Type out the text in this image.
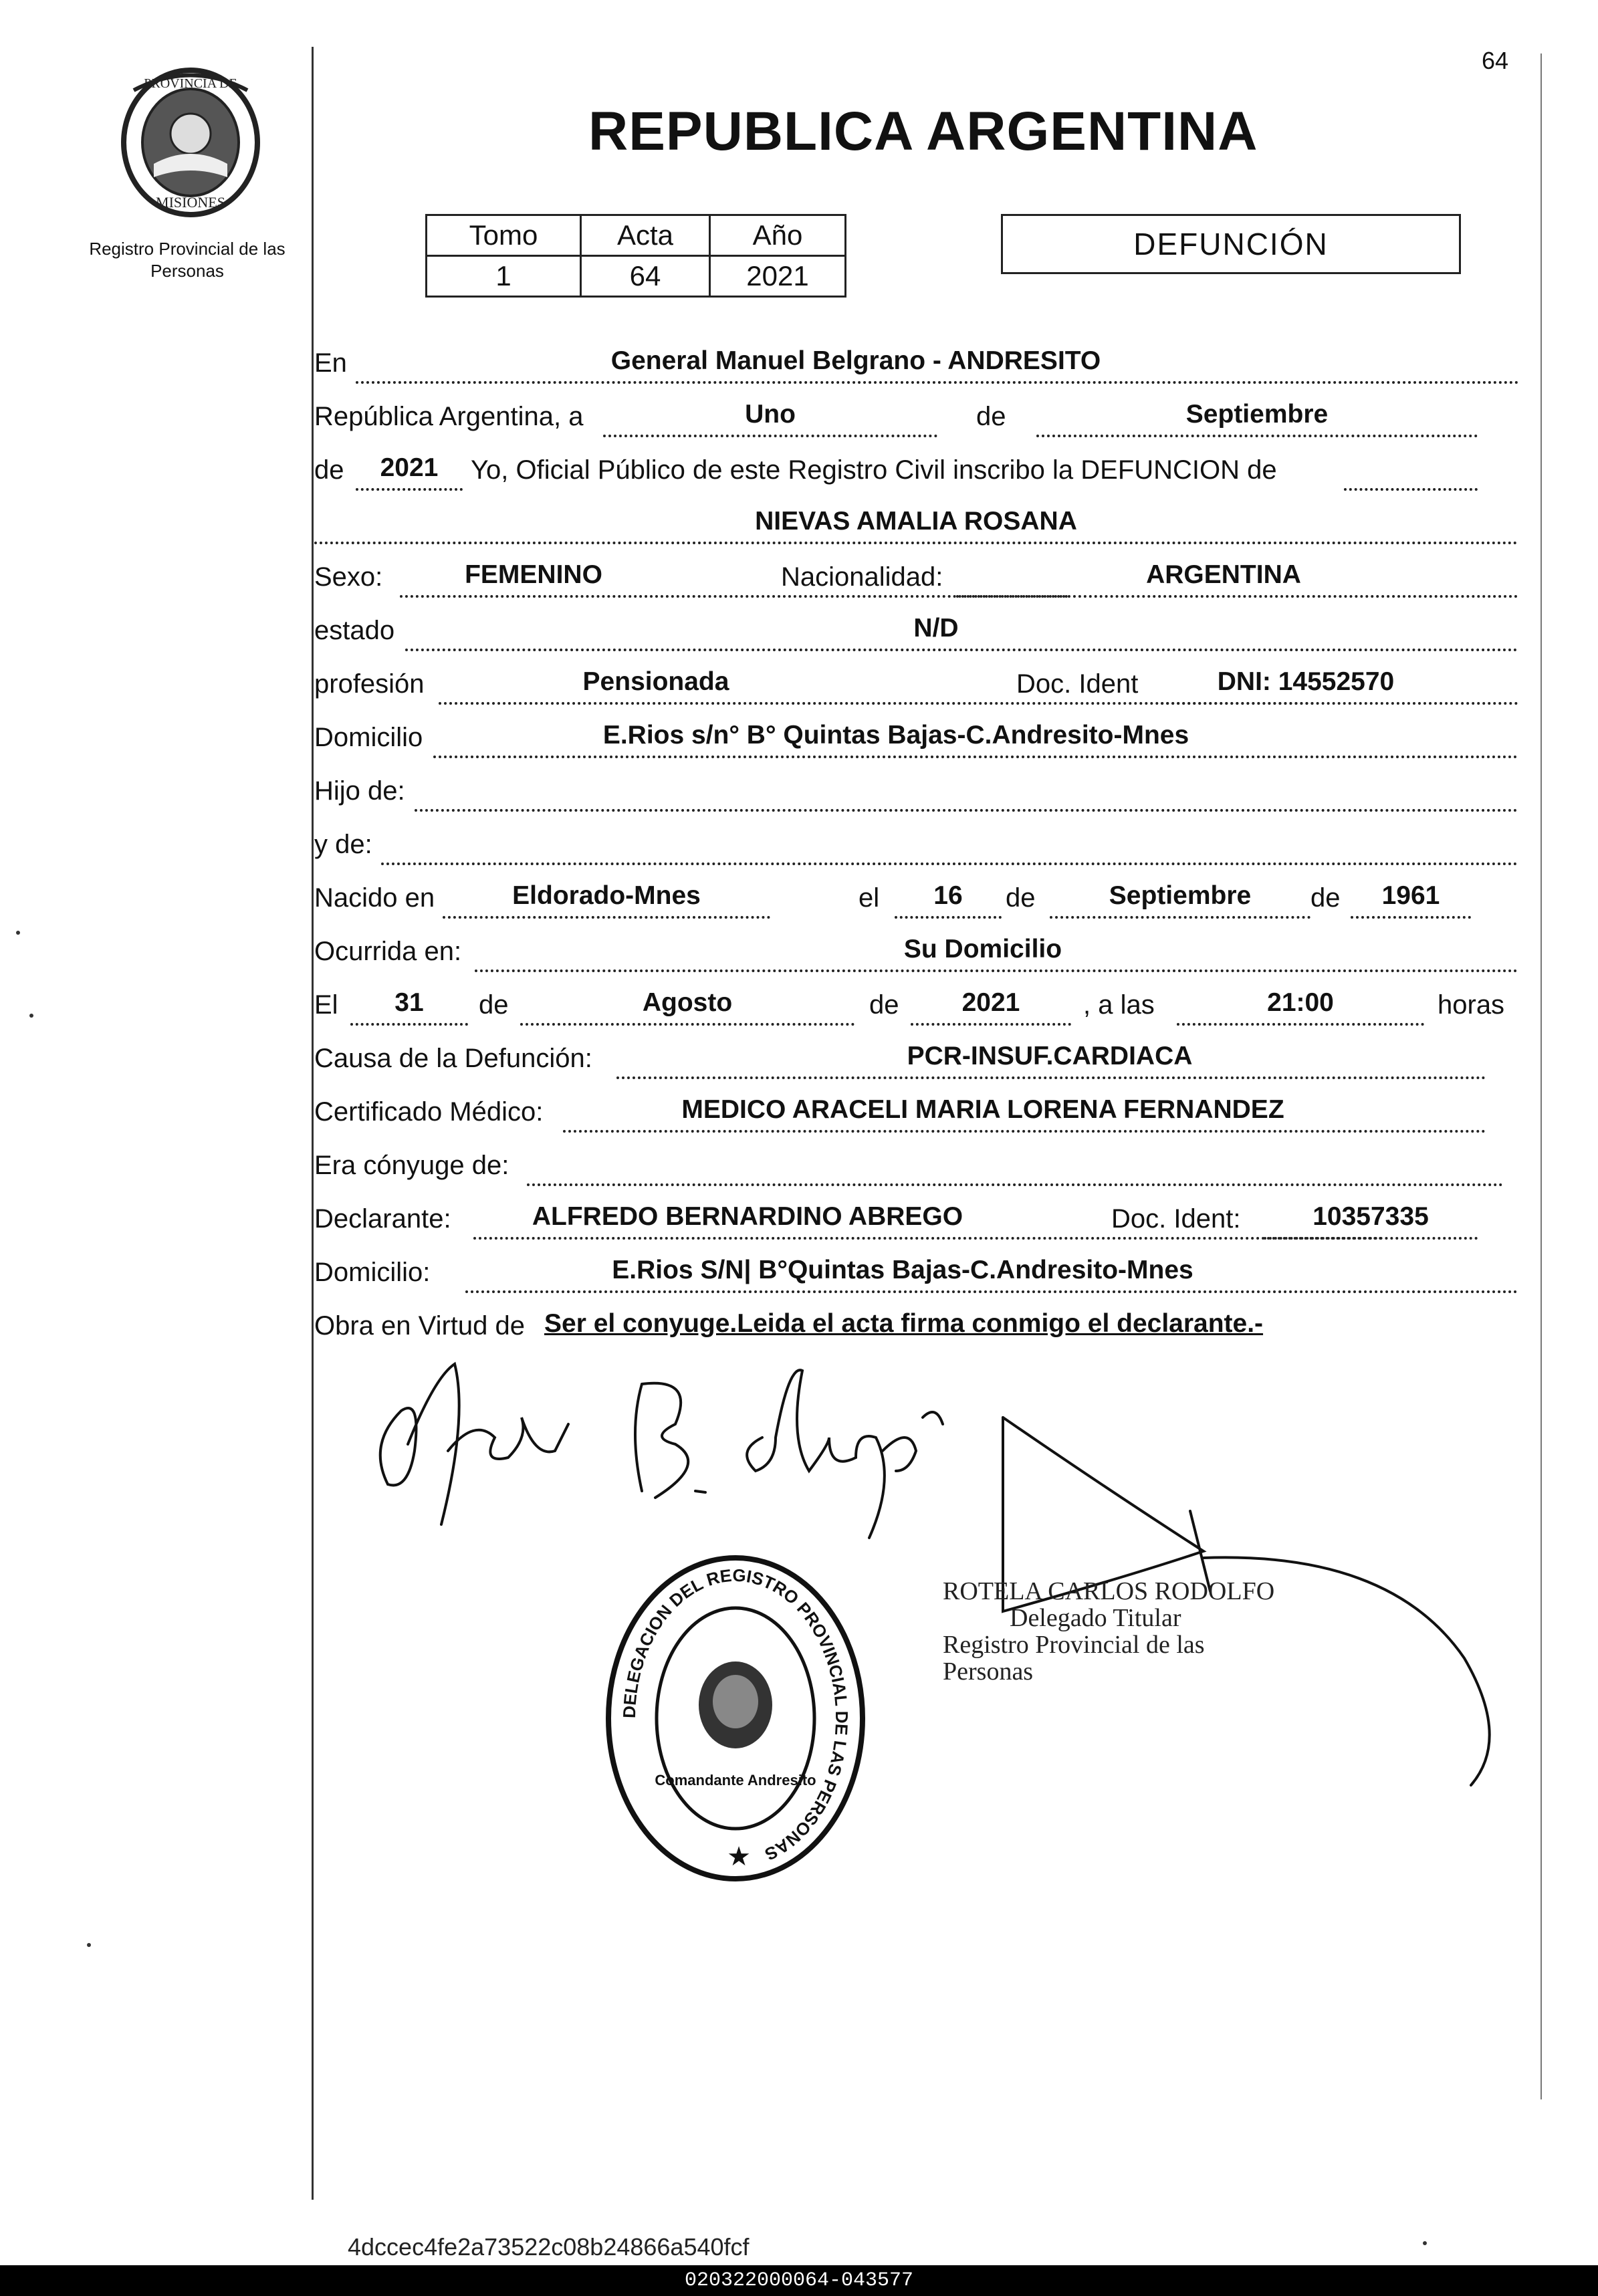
64
PROVINCIA DE
MISIONES
Registro Provincial de las Personas
REPUBLICA ARGENTINA
Tomo	Acta	Año
1	64	2021
DEFUNCIÓN
En	General Manuel Belgrano - ANDRESITO
República Argentina, a	Uno	de	Septiembre
de	2021	Yo, Oficial Público de este Registro Civil inscribo la DEFUNCION de
NIEVAS AMALIA ROSANA
Sexo:	FEMENINO	Nacionalidad:	ARGENTINA
estado	N/D
profesión	Pensionada	Doc. Ident	DNI: 14552570
Domicilio	E.Rios s/n° B° Quintas Bajas-C.Andresito-Mnes
Hijo de:
y de:
Nacido en	Eldorado-Mnes	el	16	de	Septiembre	de	1961
Ocurrida en:	Su Domicilio
El	31	de	Agosto	de	2021	, a las	21:00	horas
Causa de la Defunción:	PCR-INSUF.CARDIACA
Certificado Médico:	MEDICO ARACELI MARIA LORENA FERNANDEZ
Era cónyuge de:
Declarante:	ALFREDO BERNARDINO ABREGO	Doc. Ident:	10357335
Domicilio:	E.Rios S/N| B°Quintas Bajas-C.Andresito-Mnes
Obra en Virtud de Ser el conyuge.Leida el acta firma conmigo el declarante.-
ROTELA CARLOS RODOLFO
Delegado Titular
Registro Provincial de las Personas
DELEGACION DEL REGISTRO PROVINCIAL DE LAS PERSONAS
Comandante Andresito
★
4dccec4fe2a73522c08b24866a540fcf
020322000064-043577
